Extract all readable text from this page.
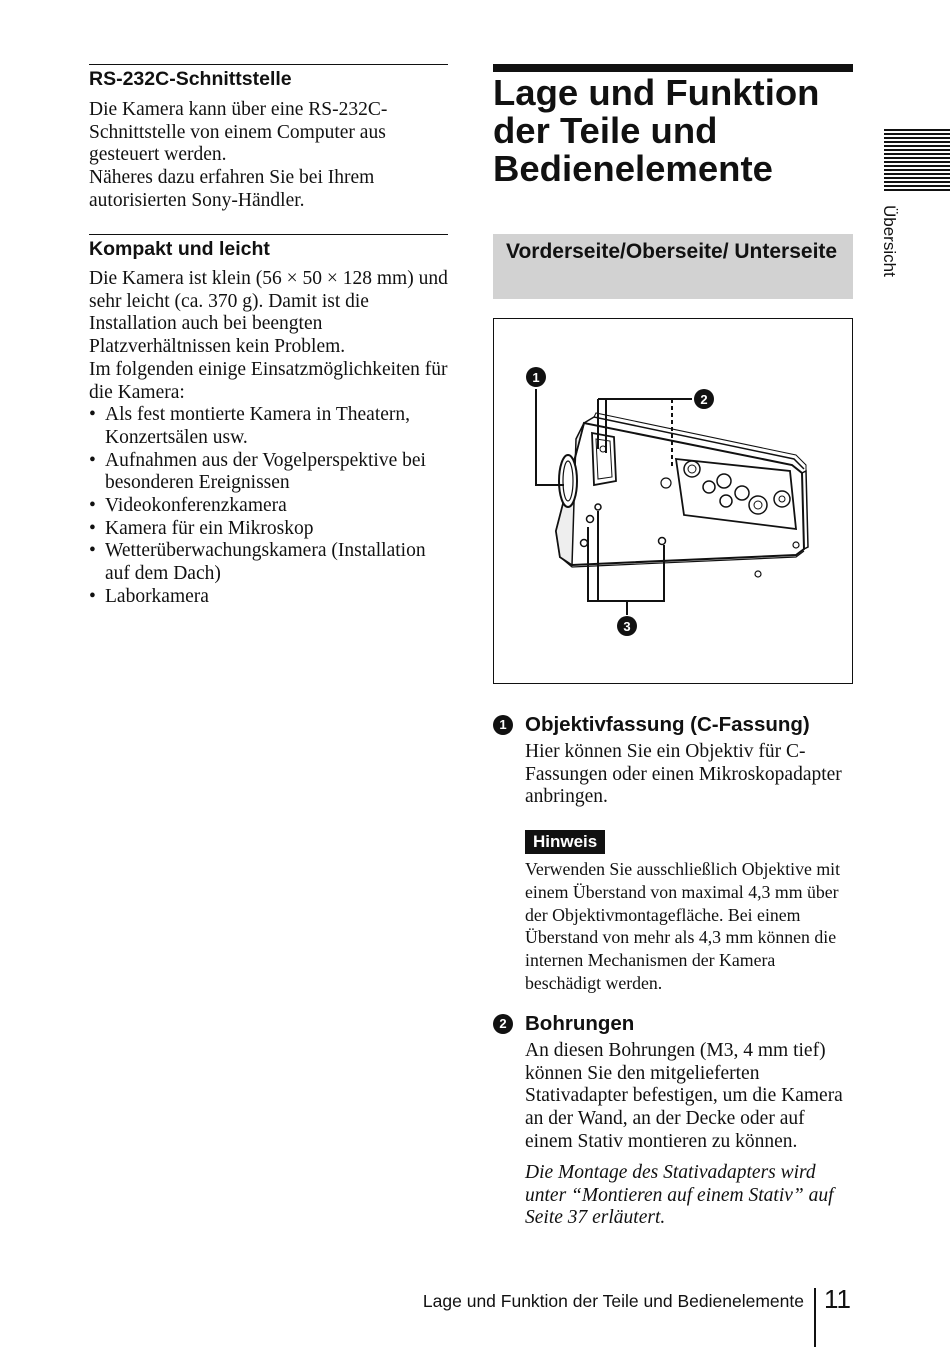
RS-232C-Schnittstelle

Die Kamera kann über eine RS-232C-Schnittstelle von einem Computer aus gesteuert werden.

Näheres dazu erfahren Sie bei Ihrem autorisierten Sony-Händler.

Kompakt und leicht

Die Kamera ist klein (56 × 50 × 128 mm) und sehr leicht (ca. 370 g). Damit ist die Installation auch bei beengten Platzverhältnissen kein Problem.

Im folgenden einige Einsatzmöglichkeiten für die Kamera:

• Als fest montierte Kamera in Theatern, Konzertsälen usw.
• Aufnahmen aus der Vogelperspektive bei besonderen Ereignissen
• Videokonferenzkamera
• Kamera für ein Mikroskop
• Wetterüberwachungskamera (Installation auf dem Dach)
• Laborkamera
Lage und Funktion der Teile und Bedienelemente
Vorderseite/Oberseite/ Unterseite
1
2
3
1 Objektivfassung (C-Fassung)

Hier können Sie ein Objektiv für C-Fassungen oder einen Mikroskopadapter anbringen.

Hinweis

Verwenden Sie ausschließlich Objektive mit einem Überstand von maximal 4,3 mm über der Objektivmontagefläche. Bei einem Überstand von mehr als 4,3 mm können die internen Mechanismen der Kamera beschädigt werden.

2 Bohrungen

An diesen Bohrungen (M3, 4 mm tief) können Sie den mitgelieferten Stativadapter befestigen, um die Kamera an der Wand, an der Decke oder auf einem Stativ montieren zu können.

Die Montage des Stativadapters wird unter “Montieren auf einem Stativ” auf Seite 37 erläutert.

Übersicht
Lage und Funktion der Teile und Bedienelemente 11
